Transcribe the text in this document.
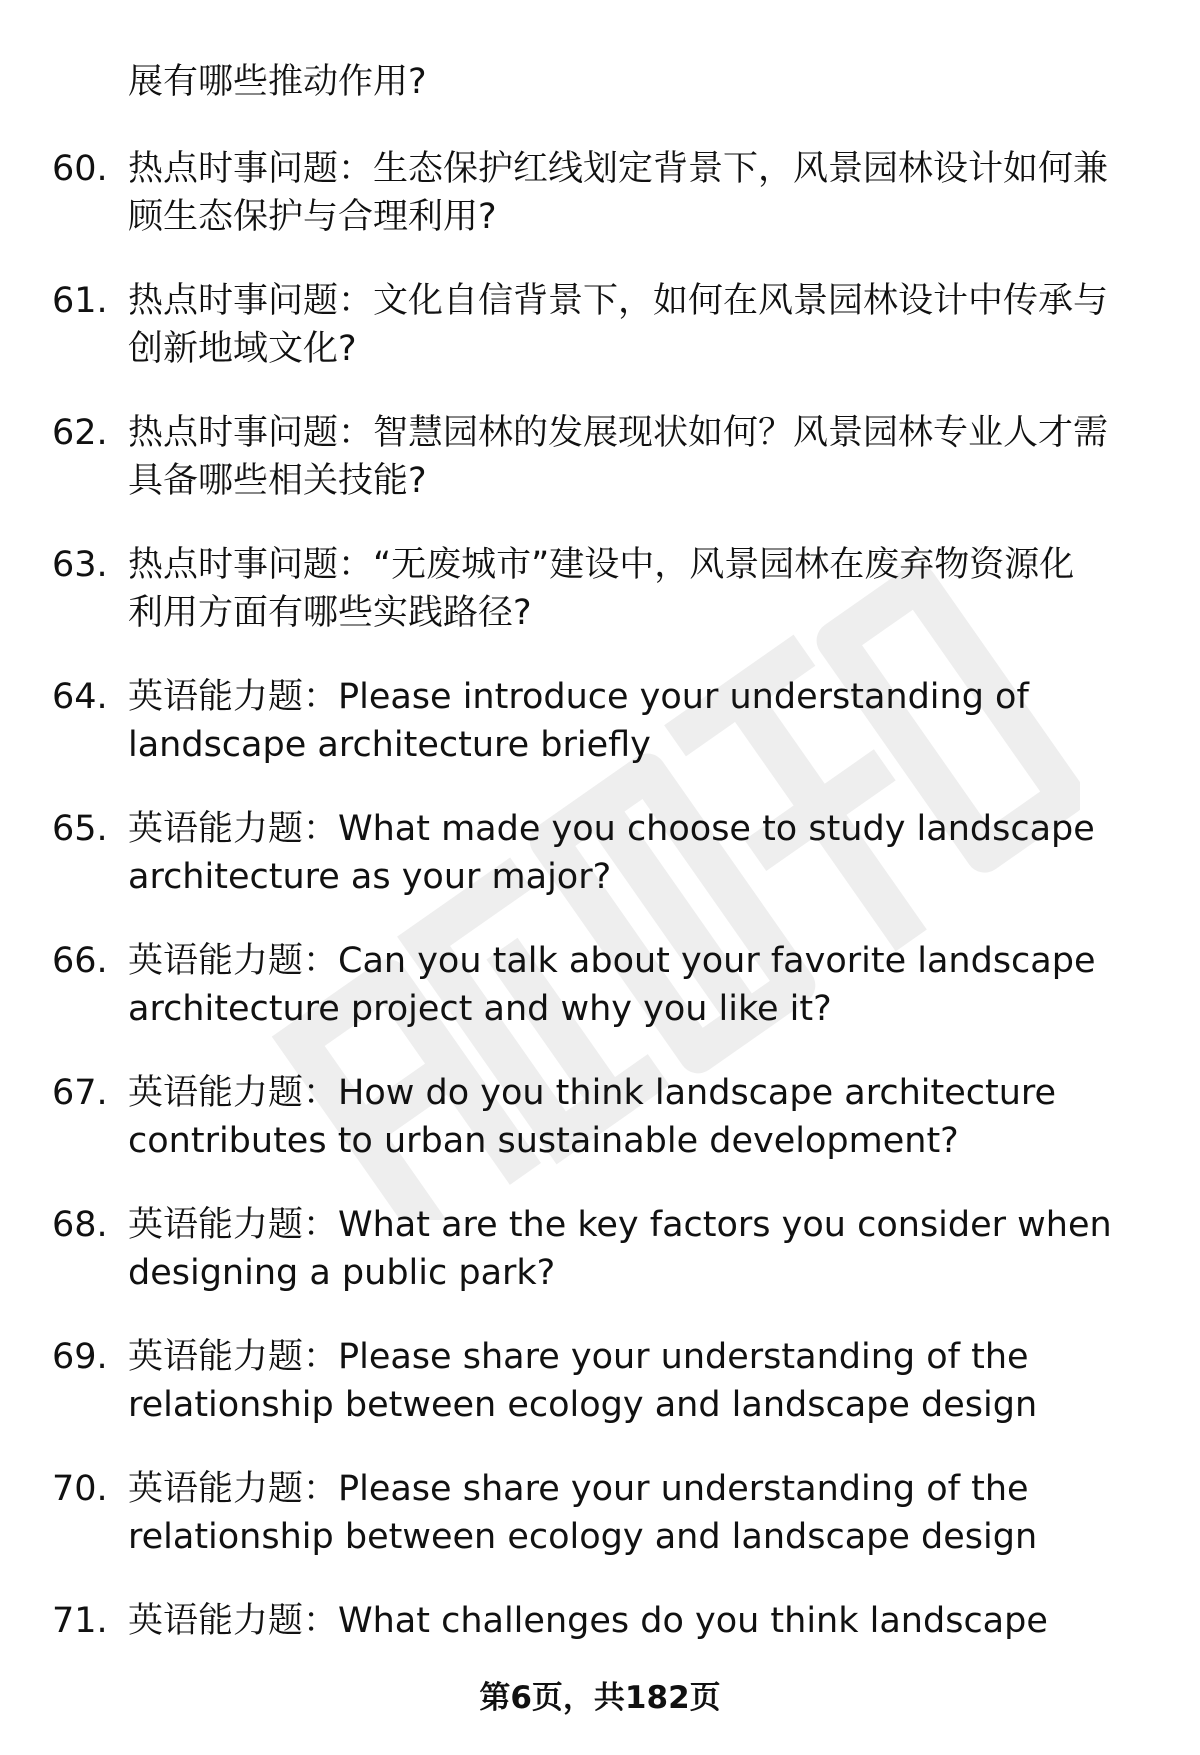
展有哪些推动作用?
60. 热点时事问题：生态保护红线划定背景下，风景园林设计如何兼
顾生态保护与合理利用?
61. 热点时事问题：文化自信背景下，如何在风景园林设计中传承与
创新地域文化?
62. 热点时事问题：智慧园林的发展现状如何？风景园林专业人才需
具备哪些相关技能?
63. 热点时事问题：“无废城市”建设中，风景园林在废弃物资源化
利用方面有哪些实践路径?
64. 英语能力题：Please introduce your understanding of
landscape architecture briefly
65. 英语能力题：What made you choose to study landscape
architecture as your major?
66. 英语能力题：Can you talk about your favorite landscape
architecture project and why you like it?
67. 英语能力题：How do you think landscape architecture
contributes to urban sustainable development?
68. 英语能力题：What are the key factors you consider when
designing a public park?
69. 英语能力题：Please share your understanding of the
relationship between ecology and landscape design
70. 英语能力题：Please share your understanding of the
relationship between ecology and landscape design
71. 英语能力题：What challenges do you think landscape
第6页，共182页
